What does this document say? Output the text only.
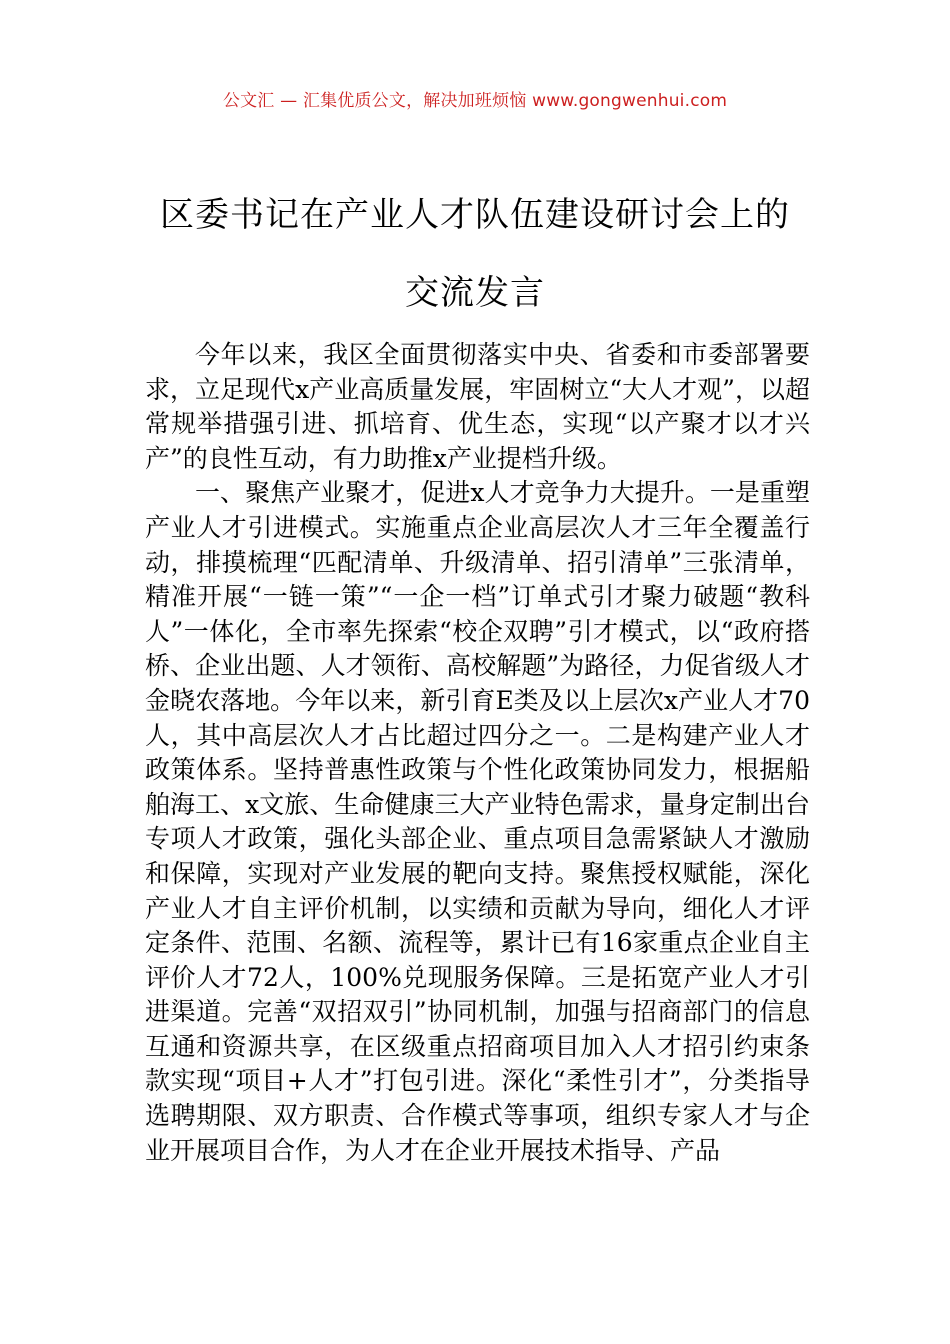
公文汇 — 汇集优质公文，解决加班烦恼 www.gongwenhui.com
区委书记在产业人才队伍建设研讨会上的
交流发言

今年以来，我区全面贯彻落实中央、省委和市委部署要求，立足现代x产业高质量发展，牢固树立“大人才观”，以超常规举措强引进、抓培育、优生态，实现“以产聚才以才兴产”的良性互动，有力助推x产业提档升级。

一、聚焦产业聚才，促进x人才竞争力大提升。一是重塑产业人才引进模式。实施重点企业高层次人才三年全覆盖行动，排摸梳理“匹配清单、升级清单、招引清单”三张清单，精准开展“一链一策”“一企一档”订单式引才聚力破题“教科人”一体化，全市率先探索“校企双聘”引才模式，以“政府搭桥、企业出题、人才领衔、高校解题”为路径，力促省级人才金晓农落地。今年以来，新引育E类及以上层次x产业人才70人，其中高层次人才占比超过四分之一。二是构建产业人才政策体系。坚持普惠性政策与个性化政策协同发力，根据船舶海工、x文旅、生命健康三大产业特色需求，量身定制出台专项人才政策，强化头部企业、重点项目急需紧缺人才激励和保障，实现对产业发展的靶向支持。聚焦授权赋能，深化产业人才自主评价机制，以实绩和贡献为导向，细化人才评定条件、范围、名额、流程等，累计已有16家重点企业自主评价人才72人，100%兑现服务保障。三是拓宽产业人才引进渠道。完善“双招双引”协同机制，加强与招商部门的信息互通和资源共享，在区级重点招商项目加入人才招引约束条款实现“项目+人才”打包引进。深化“柔性引才”，分类指导选聘期限、双方职责、合作模式等事项，组织专家人才与企业开展项目合作，为人才在企业开展技术指导、产品
